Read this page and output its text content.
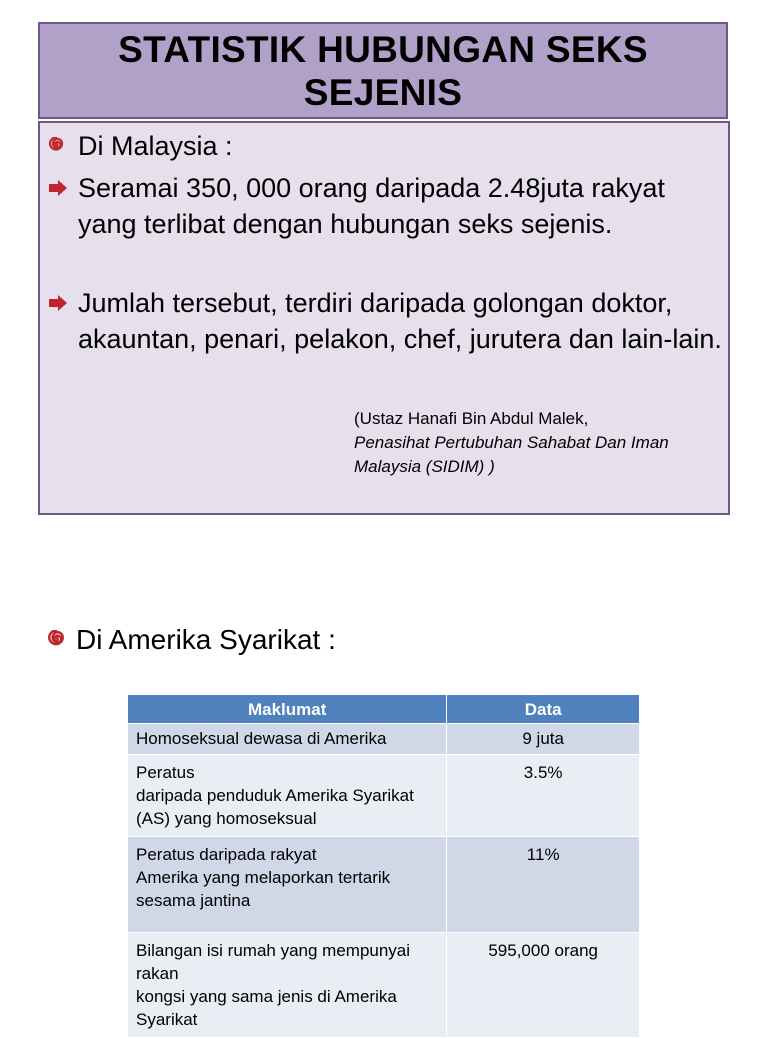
STATISTIK HUBUNGAN SEKS SEJENIS
Di Malaysia :
Seramai 350, 000 orang daripada 2.48juta rakyat yang terlibat dengan hubungan seks sejenis.
Jumlah tersebut, terdiri daripada golongan doktor, akauntan, penari, pelakon, chef, jurutera dan lain-lain.
(Ustaz Hanafi Bin Abdul Malek,
Penasihat Pertubuhan Sahabat Dan Iman Malaysia (SIDIM) )
Di Amerika Syarikat :
Maklumat	Data
Homoseksual dewasa di Amerika	9 juta
Peratus
daripada penduduk Amerika Syarikat (AS) yang homoseksual	3.5%
Peratus daripada rakyat
Amerika yang melaporkan tertarik sesama jantina	11%
Bilangan isi rumah yang mempunyai rakan
kongsi yang sama jenis di Amerika Syarikat	595,000 orang
